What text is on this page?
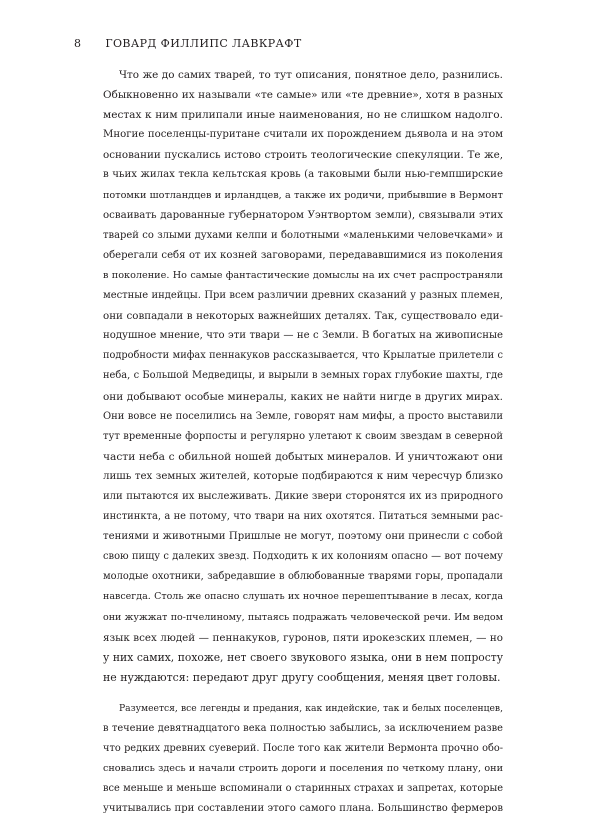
8 ГОВАРД ФИЛЛИПС ЛАВКРАФТ
Что же до самих тварей, то тут описания, понятное дело, разнились.
Обыкновенно их называли «те самые» или «те древние», хотя в разных
местах к ним прилипали иные наименования, но не слишком надолго.
Многие поселенцы-пуритане считали их порождением дьявола и на этом
основании пускались истово строить теологические спекуляции. Те же,
в чьих жилах текла кельтская кровь (а таковыми были нью-гемпширские
потомки шотландцев и ирландцев, а также их родичи, прибывшие в Вермонт
осваивать дарованные губернатором Уэнтвортом земли), связывали этих
тварей со злыми духами келпи и болотными «маленькими человечками» и
оберегали себя от их козней заговорами, передававшимися из поколения
в поколение. Но самые фантастические домыслы на их счет распространяли
местные индейцы. При всем различии древних сказаний у разных племен,
они совпадали в некоторых важнейших деталях. Так, существовало еди-
нодушное мнение, что эти твари — не с Земли. В богатых на живописные
подробности мифах пеннакуков рассказывается, что Крылатые прилетели с
неба, с Большой Медведицы, и вырыли в земных горах глубокие шахты, где
они добывают особые минералы, каких не найти нигде в других мирах.
Они вовсе не поселились на Земле, говорят нам мифы, а просто выставили
тут временные форпосты и регулярно улетают к своим звездам в северной
части неба с обильной ношей добытых минералов. И уничтожают они
лишь тех земных жителей, которые подбираются к ним чересчур близко
или пытаются их выслеживать. Дикие звери сторонятся их из природного
инстинкта, а не потому, что твари на них охотятся. Питаться земными рас-
тениями и животными Пришлые не могут, поэтому они принесли с собой
свою пищу с далеких звезд. Подходить к их колониям опасно — вот почему
молодые охотники, забредавшие в облюбованные тварями горы, пропадали
навсегда. Столь же опасно слушать их ночное перешептывание в лесах, когда
они жужжат по-пчелиному, пытаясь подражать человеческой речи. Им ведом
язык всех людей — пеннакуков, гуронов, пяти ирокезских племен, — но
у них самих, похоже, нет своего звукового языка, они в нем попросту
не нуждаются: передают друг другу сообщения, меняя цвет головы.
Разумеется, все легенды и предания, как индейские, так и белых поселенцев,
в течение девятнадцатого века полностью забылись, за исключением разве
что редких древних суеверий. После того как жители Вермонта прочно обо-
сновались здесь и начали строить дороги и поселения по четкому плану, они
все меньше и меньше вспоминали о старинных страхах и запретах, которые
учитывались при составлении этого самого плана. Большинство фермеров
